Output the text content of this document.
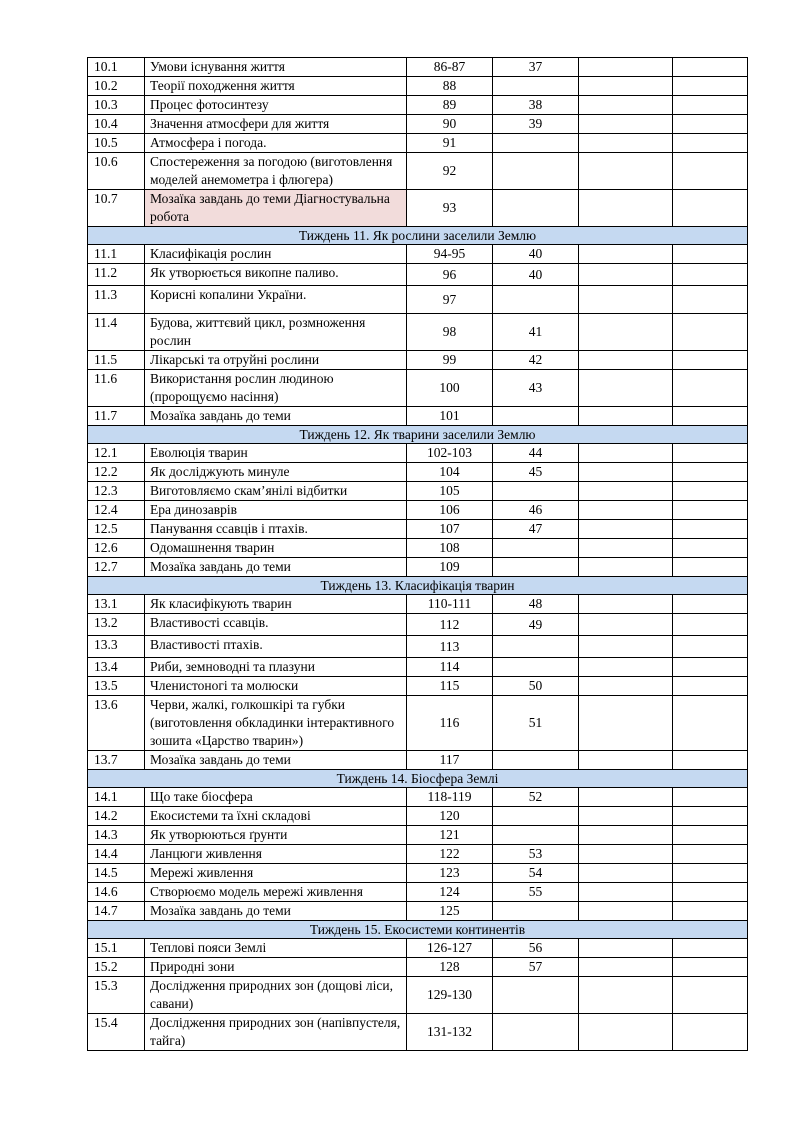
10.1	Умови існування життя	86-87	37		
10.2	Теорії походження життя	88			
10.3	Процес фотосинтезу	89	38		
10.4	Значення атмосфери для життя	90	39		
10.5	Атмосфера і погода.	91			
10.6	Спостереження за погодою (виготовлення моделей анемометра і флюгера)	92			
10.7	Мозаїка завдань до теми Діагностувальна робота	93			
Тиждень 11. Як рослини заселили Землю					
11.1	Класифікація рослин	94-95	40		
11.2	Як утворюється викопне паливо.	96	40		
11.3	Корисні копалини України.	97			
11.4	Будова, життєвий цикл, розмноження рослин	98	41		
11.5	Лікарські та отруйні рослини	99	42		
11.6	Використання рослин людиною (пророщуємо насіння)	100	43		
11.7	Мозаїка завдань до теми	101			
Тиждень 12. Як тварини заселили Землю					
12.1	Еволюція тварин	102-103	44		
12.2	Як досліджують минуле	104	45		
12.3	Виготовляємо скам’янілі відбитки	105			
12.4	Ера динозаврів	106	46		
12.5	Панування ссавців і птахів.	107	47		
12.6	Одомашнення тварин	108			
12.7	Мозаїка завдань до теми	109			
Тиждень 13. Класифікація тварин					
13.1	Як класифікують тварин	110-111	48		
13.2	Властивості ссавців.	112	49		
13.3	Властивості птахів.	113			
13.4	Риби, земноводні та плазуни	114			
13.5	Членистоногі та молюски	115	50		
13.6	Черви, жалкі, голкошкірі та губки (виготовлення обкладинки інтерактивного зошита «Царство тварин»)	116	51		
13.7	Мозаїка завдань до теми	117			
Тиждень 14. Біосфера Землі					
14.1	Що таке біосфера	118-119	52		
14.2	Екосистеми та їхні складові	120			
14.3	Як утворюються ґрунти	121			
14.4	Ланцюги живлення	122	53		
14.5	Мережі живлення	123	54		
14.6	Створюємо модель мережі живлення	124	55		
14.7	Мозаїка завдань до теми	125			
Тиждень 15. Екосистеми континентів					
15.1	Теплові пояси Землі	126-127	56		
15.2	Природні зони	128	57		
15.3	Дослідження природних зон (дощові ліси, савани)	129-130			
15.4	Дослідження природних зон (напівпустеля, тайга)	131-132			
